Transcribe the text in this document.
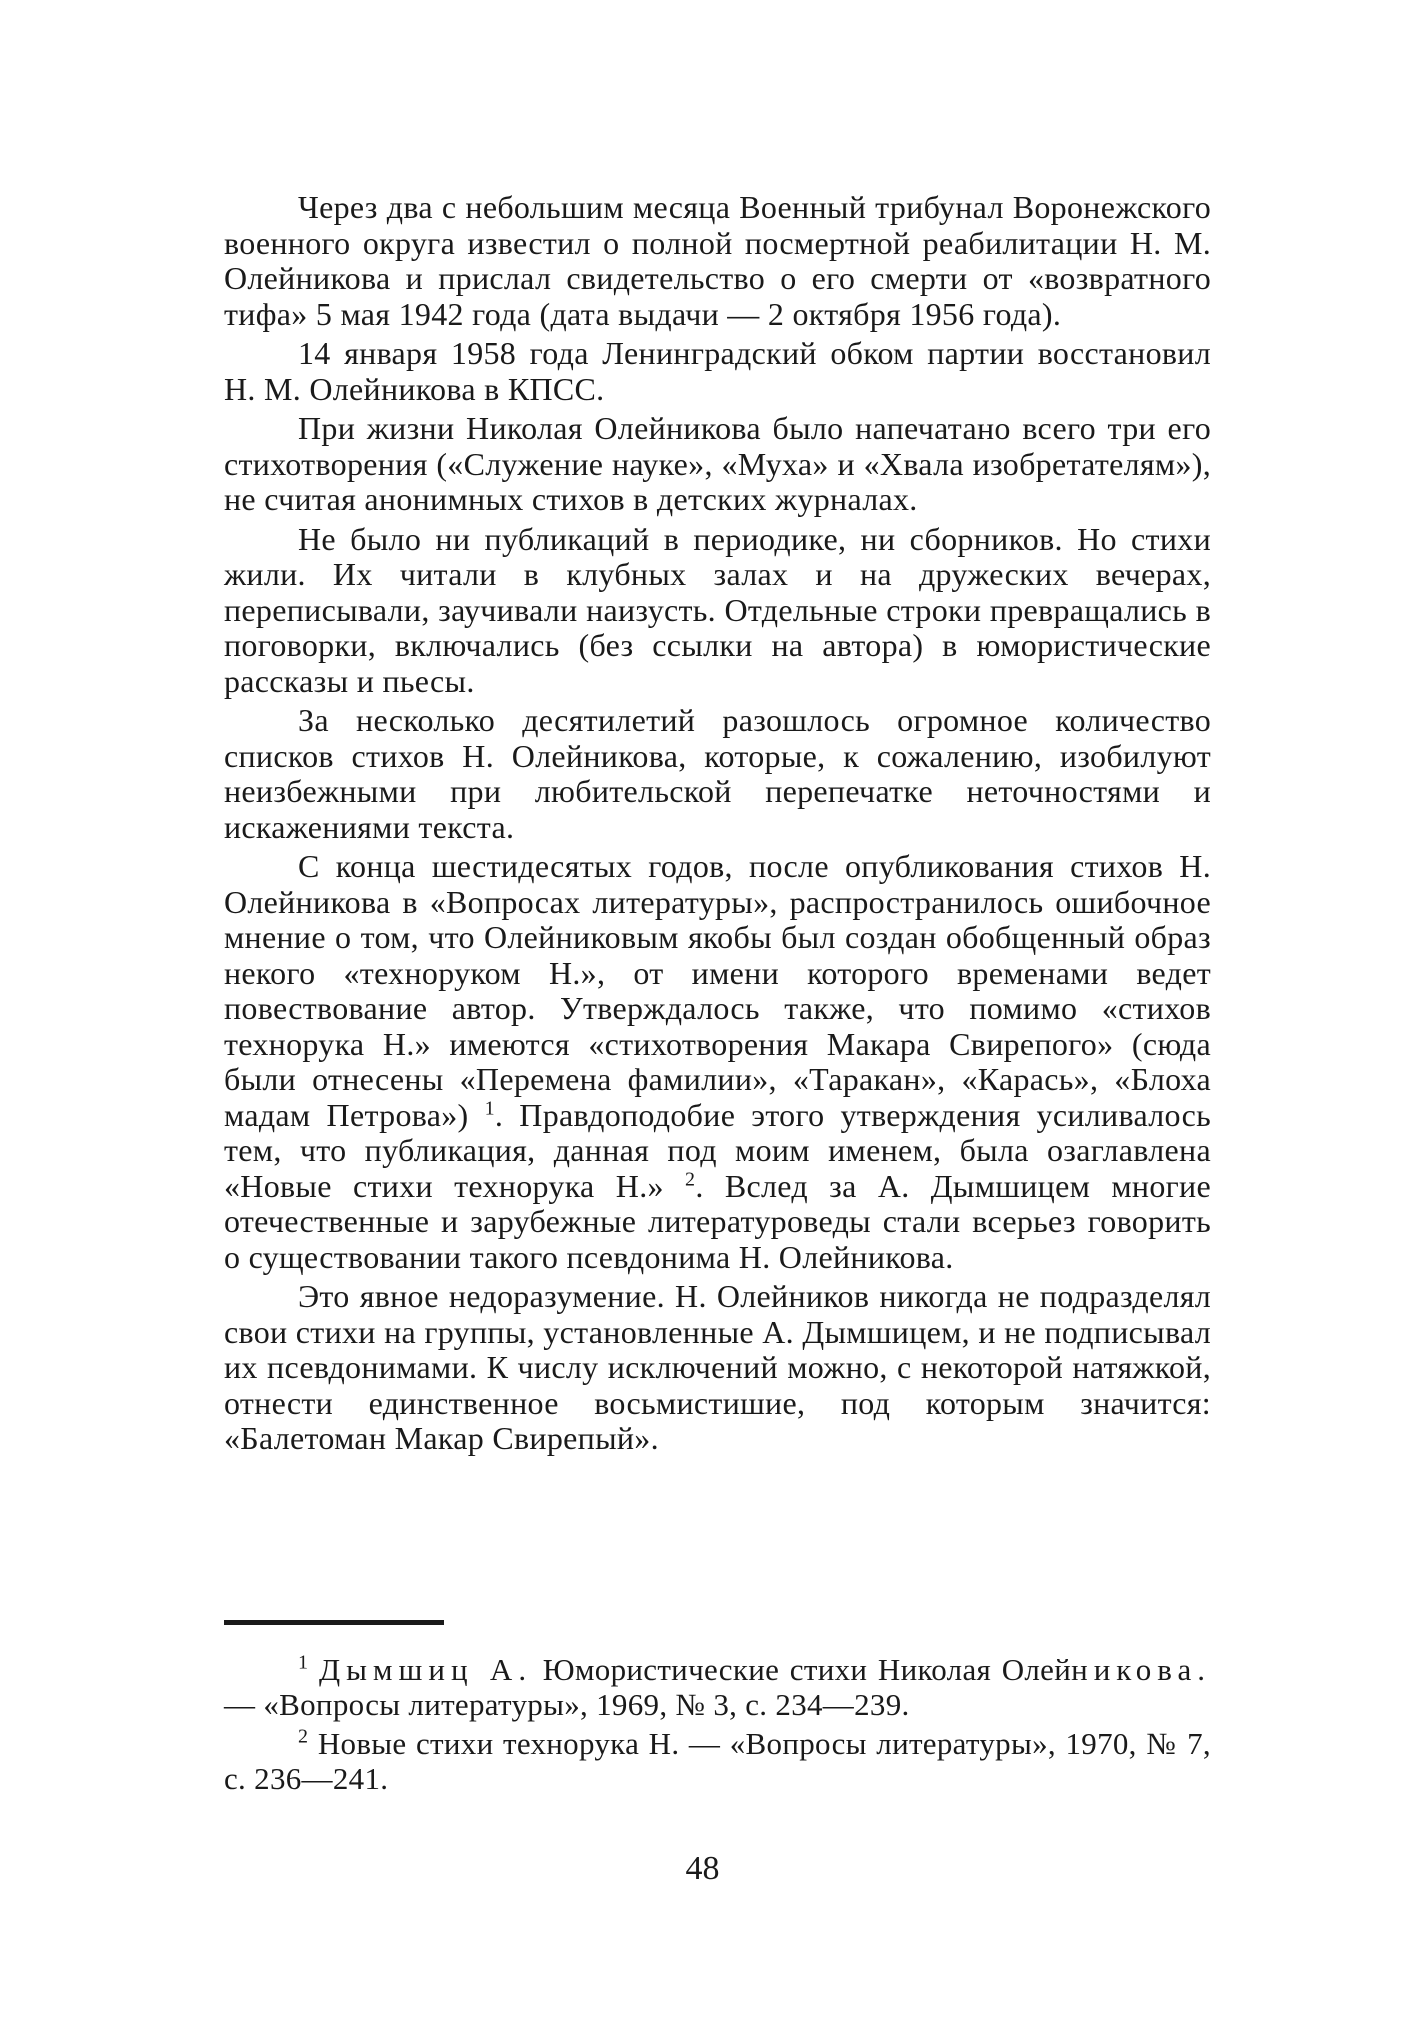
Через два с небольшим месяца Военный трибунал Воронежского военного округа известил о полной посмертной реабилитации Н. М. Олейникова и прислал свидетельство о его смерти от «возвратного тифа» 5 мая 1942 года (дата выдачи — 2 октября 1956 года).

14 января 1958 года Ленинградский обком партии восстановил Н. М. Олейникова в КПСС.

При жизни Николая Олейникова было напечатано всего три его стихотворения («Служение науке», «Муха» и «Хвала изобретателям»), не считая анонимных стихов в детских журналах.

Не было ни публикаций в периодике, ни сборников. Но стихи жили. Их читали в клубных залах и на дружеских вечерах, переписывали, заучивали наизусть. Отдельные строки превращались в поговорки, включались (без ссылки на автора) в юмористические рассказы и пьесы.

За несколько десятилетий разошлось огромное количество списков стихов Н. Олейникова, которые, к сожалению, изобилуют неизбежными при любительской перепечатке неточностями и искажениями текста.

С конца шестидесятых годов, после опубликования стихов Н. Олейникова в «Вопросах литературы», распространилось ошибочное мнение о том, что Олейниковым якобы был создан обобщенный образ некого «техноруком Н.», от имени которого временами ведет повествование автор. Утверждалось также, что помимо «стихов технорука Н.» имеются «стихотворения Макара Свирепого» (сюда были отнесены «Перемена фамилии», «Таракан», «Карась», «Блоха мадам Петрова») $^1$. Правдоподобие этого утверждения усиливалось тем, что публикация, данная под моим именем, была озаглавлена «Новые стихи технорука Н.» $^2$. Вслед за А. Дымшицем многие отечественные и зарубежные литературоведы стали всерьез говорить о существовании такого псевдонима Н. Олейникова.

Это явное недоразумение. Н. Олейников никогда не подразделял свои стихи на группы, установленные А. Дымшицем, и не подписывал их псевдонимами. К числу исключений можно, с некоторой натяжкой, отнести единственное восьмистишие, под которым значится: «Балетоман Макар Свирепый».

$^1$ Дымшиц А. Юмористические стихи Николая Олейникова. — «Вопросы литературы», 1969, № 3, с. 234—239.

$^2$ Новые стихи технорука Н. — «Вопросы литературы», 1970, № 7, с. 236—241.

48
